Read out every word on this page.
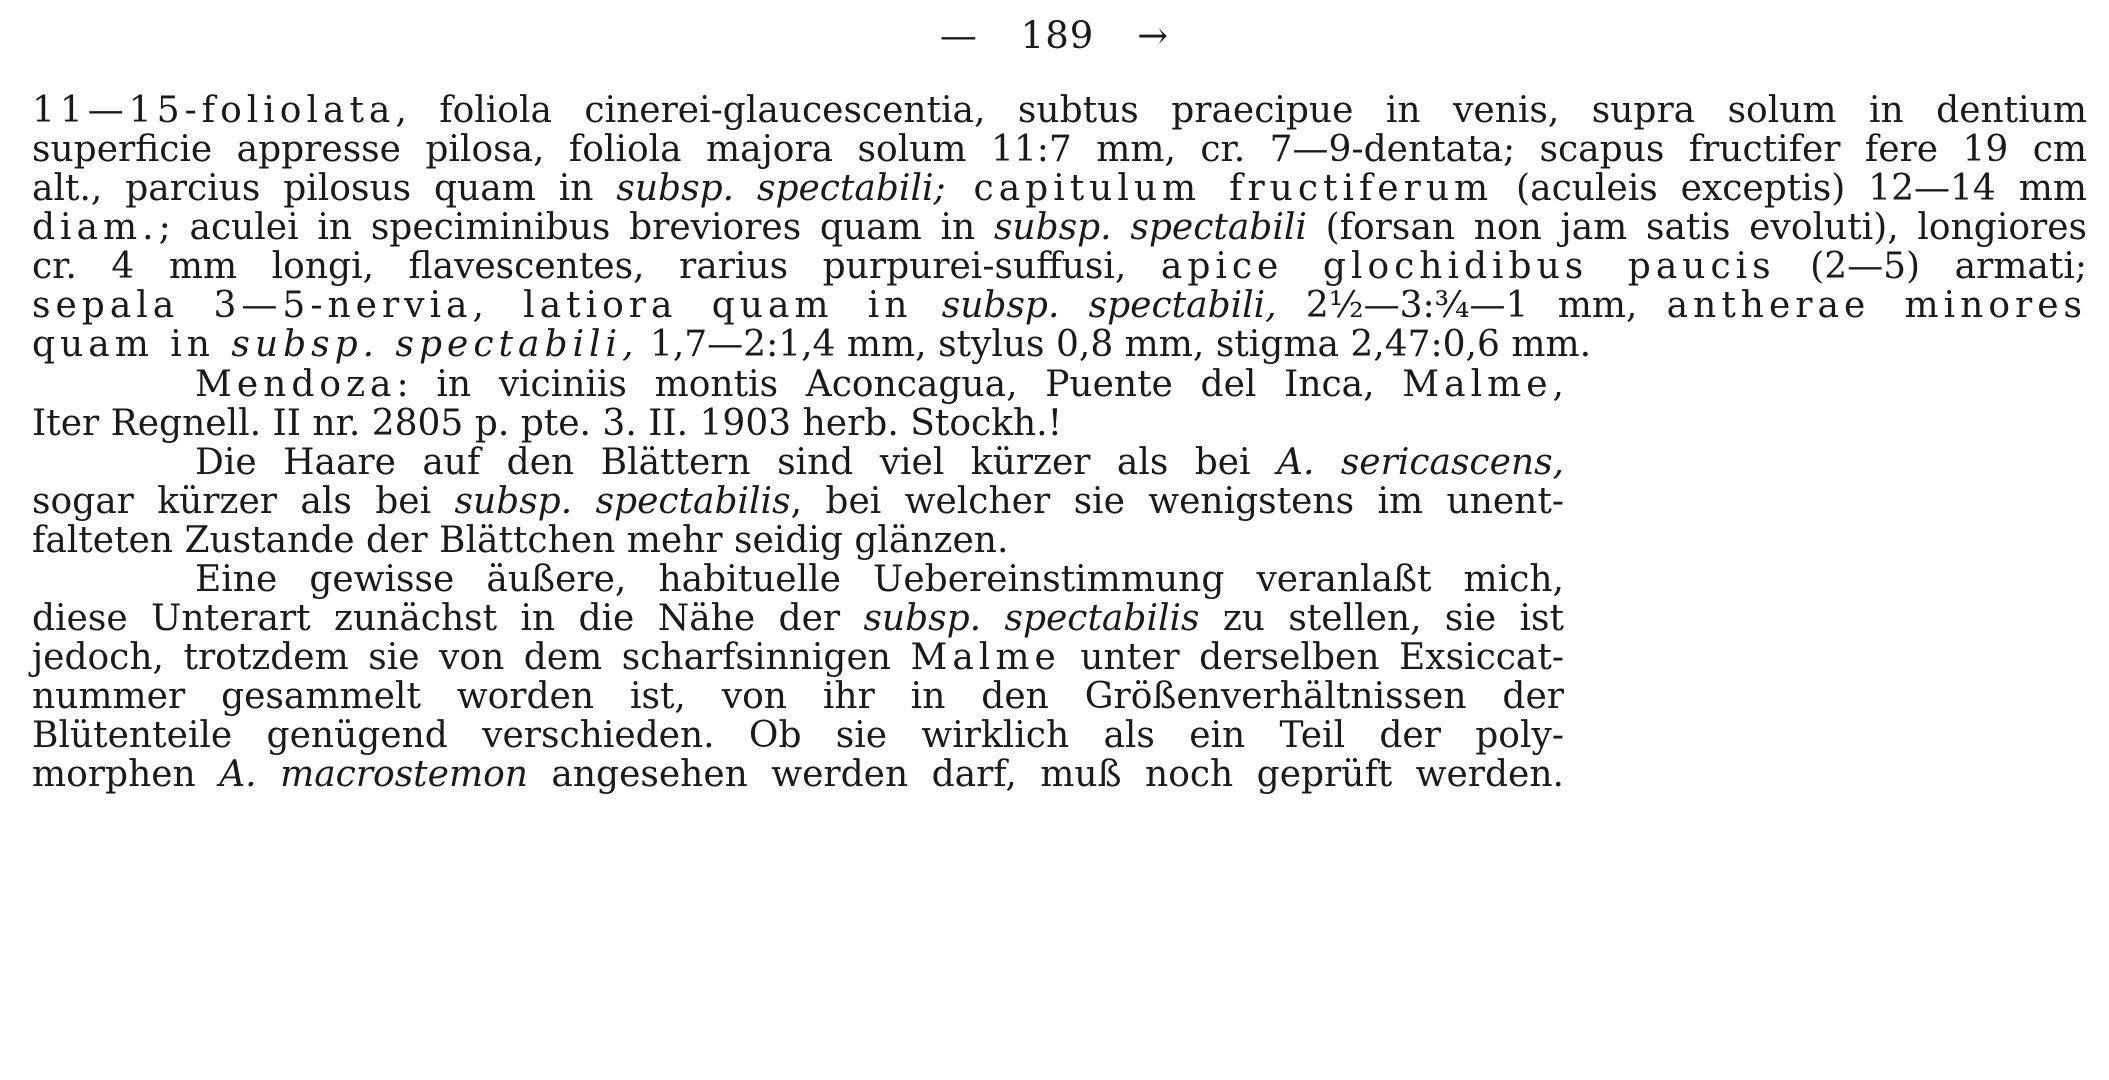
— 189 →
11—15-foliolata, foliola cinerei-glaucescentia, subtus praecipue in venis, supra solum in dentium
superficie appresse pilosa, foliola majora solum 11:7 mm, cr. 7—9-dentata; scapus fructifer fere 19 cm
alt., parcius pilosus quam in subsp. spectabili; capitulum fructiferum (aculeis exceptis) 12—14 mm
diam.; aculei in speciminibus breviores quam in subsp. spectabili (forsan non jam satis evoluti), longiores
cr. 4 mm longi, flavescentes, rarius purpurei-suffusi, apice glochidibus paucis (2—5) armati;
sepala 3—5-nervia, latiora quam in subsp. spectabili, 2½—3:¾—1 mm, antherae minores
quam in subsp. spectabili, 1,7—2:1,4 mm, stylus 0,8 mm, stigma 2,47:0,6 mm.
Mendoza: in viciniis montis Aconcagua, Puente del Inca, Malme,
Iter Regnell. II nr. 2805 p. pte. 3. II. 1903 herb. Stockh.!
Die Haare auf den Blättern sind viel kürzer als bei A. sericascens,
sogar kürzer als bei subsp. spectabilis, bei welcher sie wenigstens im unent-
falteten Zustande der Blättchen mehr seidig glänzen.
Eine gewisse äußere, habituelle Uebereinstimmung veranlaßt mich,
diese Unterart zunächst in die Nähe der subsp. spectabilis zu stellen, sie ist
jedoch, trotzdem sie von dem scharfsinnigen Malme unter derselben Exsiccat-
nummer gesammelt worden ist, von ihr in den Größenverhältnissen der
Blütenteile genügend verschieden. Ob sie wirklich als ein Teil der poly-
morphen A. macrostemon angesehen werden darf, muß noch geprüft werden.
